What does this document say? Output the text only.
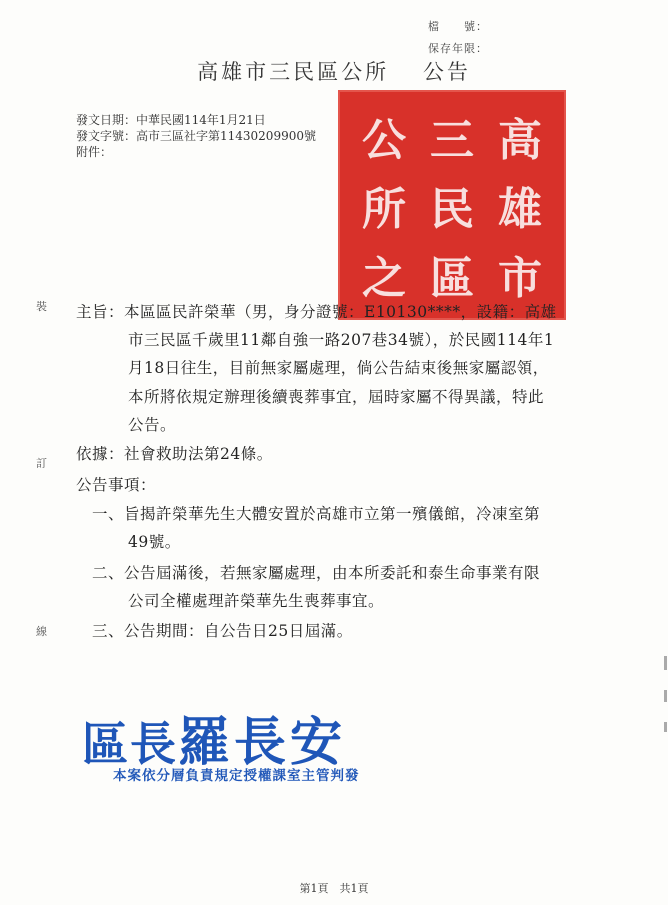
檔　　號：
保存年限：
高雄市三民區公所　 公告
發文日期：中華民國114年1月21日
發文字號：高市三區社字第11430209900號
附件：	公 三 高
所 民 雄
之 區 市
裝
訂
線
主旨：本區區民許榮華（男，身分證號：E10130****，設籍：高雄
市三民區千歲里11鄰自強一路207巷34號），於民國114年1
月18日往生，目前無家屬處理，倘公告結束後無家屬認領，
本所將依規定辦理後續喪葬事宜，屆時家屬不得異議，特此
公告。
依據：社會救助法第24條。
公告事項：
一、旨揭許榮華先生大體安置於高雄市立第一殯儀館，冷凍室第
49號。
二、公告屆滿後，若無家屬處理，由本所委託和泰生命事業有限
公司全權處理許榮華先生喪葬事宜。
三、公告期間：自公告日25日屆滿。
區長羅長安
本案依分層負責規定授權課室主管判發
第1頁　共1頁
